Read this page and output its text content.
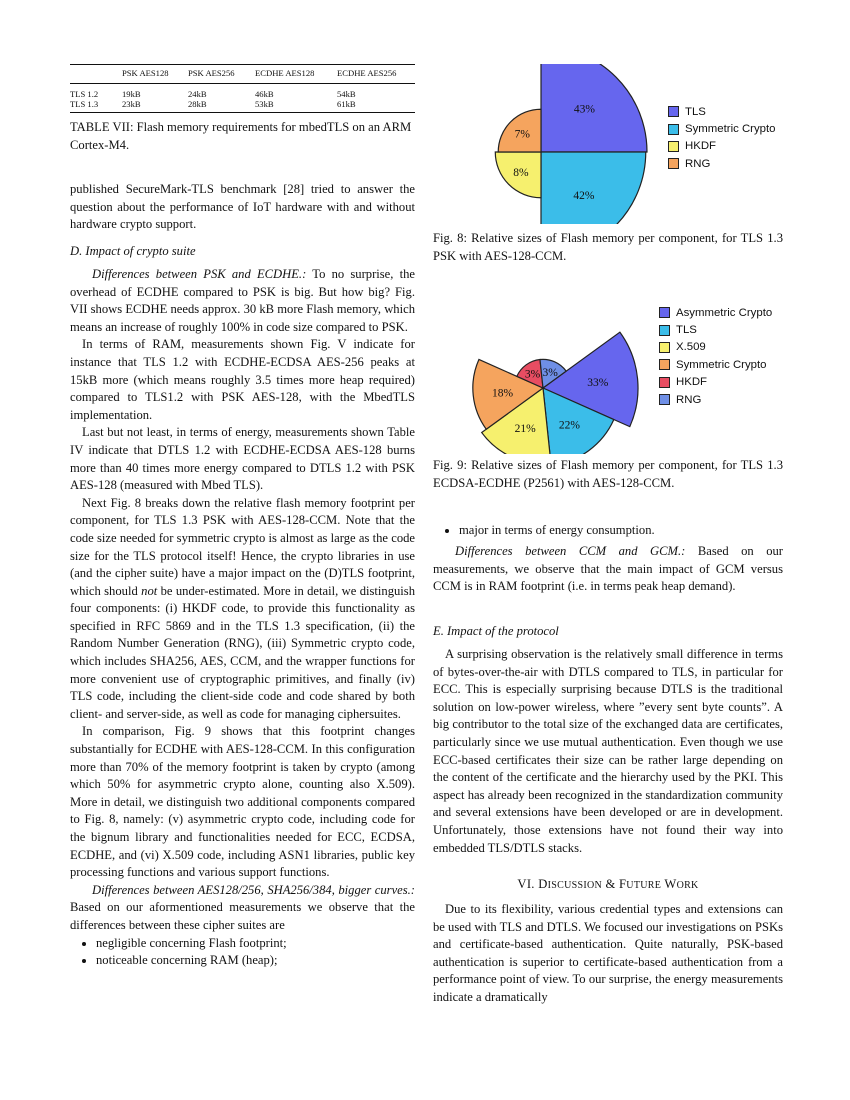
	PSK AES128	PSK AES256	ECDHE AES128	ECDHE AES256
TLS 1.2	19kB	24kB	46kB	54kB
TLS 1.3	23kB	28kB	53kB	61kB

TABLE VII: Flash memory requirements for mbedTLS on an ARM Cortex-M4.

published SecureMark-TLS benchmark [28] tried to answer the question about the performance of IoT hardware with and without hardware crypto support.

D. Impact of crypto suite

Differences between PSK and ECDHE.: To no surprise, the overhead of ECDHE compared to PSK is big. But how big? Fig. VII shows ECDHE needs approx. 30 kB more Flash memory, which means an increase of roughly 100% in code size compared to PSK.

In terms of RAM, measurements shown Fig. V indicate for instance that TLS 1.2 with ECDHE-ECDSA AES-256 peaks at 15kB more (which means roughly 3.5 times more heap required) compared to TLS1.2 with PSK AES-128, with the MbedTLS implementation.

Last but not least, in terms of energy, measurements shown Table IV indicate that DTLS 1.2 with ECDHE-ECDSA AES-128 burns more than 40 times more energy compared to DTLS 1.2 with PSK AES-128 (measured with Mbed TLS).

Next Fig. 8 breaks down the relative flash memory footprint per component, for TLS 1.3 PSK with AES-128-CCM. Note that the code size needed for symmetric crypto is almost as large as the code size for the TLS protocol itself! Hence, the crypto libraries in use (and the cipher suite) have a major impact on the (D)TLS footprint, which should not be under-estimated. More in detail, we distinguish four components: (i) HKDF code, to provide this functionality as specified in RFC 5869 and in the TLS 1.3 specification, (ii) the Random Number Generation (RNG), (iii) Symmetric crypto code, which includes SHA256, AES, CCM, and the wrapper functions for more convenient use of cryptographic primitives, and finally (iv) TLS code, including the client-side code and code shared by both client- and server-side, as well as code for managing ciphersuites.

In comparison, Fig. 9 shows that this footprint changes substantially for ECDHE with AES-128-CCM. In this configuration more than 70% of the memory footprint is taken by crypto (among which 50% for asymmetric crypto alone, counting also X.509). More in detail, we distinguish two additional components compared to Fig. 8, namely: (v) asymmetric crypto code, including code for the bignum library and functionalities needed for ECC, ECDSA, ECDHE, and (vi) X.509 code, including ASN1 libraries, public key processing functions and various support functions.

Differences between AES128/256, SHA256/384, bigger curves.: Based on our aformentioned measurements we observe that the differences between these cipher suites are

• negligible concerning Flash footprint;
• noticeable concerning RAM (heap);
43%
42%
8%
7%
TLS
Symmetric Crypto
HKDF
RNG

Fig. 8: Relative sizes of Flash memory per component, for TLS 1.3 PSK with AES-128-CCM.

33%
22%
21%
18%
3% 3%
Asymmetric Crypto
TLS
X.509
Symmetric Crypto
HKDF
RNG

Fig. 9: Relative sizes of Flash memory per component, for TLS 1.3 ECDSA-ECDHE (P2561) with AES-128-CCM.

• major in terms of energy consumption.

Differences between CCM and GCM.: Based on our measurements, we observe that the main impact of GCM versus CCM is in RAM footprint (i.e. in terms peak heap demand).

E. Impact of the protocol

A surprising observation is the relatively small difference in terms of bytes-over-the-air with DTLS compared to TLS, in particular for ECC. This is especially surprising because DTLS is the traditional solution on low-power wireless, where ”every sent byte counts”. A big contributor to the total size of the exchanged data are certificates, particularly since we use mutual authentication. Even though we use ECC-based certificates their size can be rather large depending on the content of the certificate and the hierarchy used by the PKI. This aspect has already been recognized in the standardization community and several extensions have been developed or are in development. Unfortunately, those extensions have not found their way into embedded TLS/DTLS stacks.

VI. DISCUSSION & FUTURE WORK

Due to its flexibility, various credential types and extensions can be used with TLS and DTLS. We focused our investigations on PSKs and certificate-based authentication. Quite naturally, PSK-based authentication is superior to certificate-based authentication from a performance point of view. To our surprise, the energy measurements indicate a dramatically
